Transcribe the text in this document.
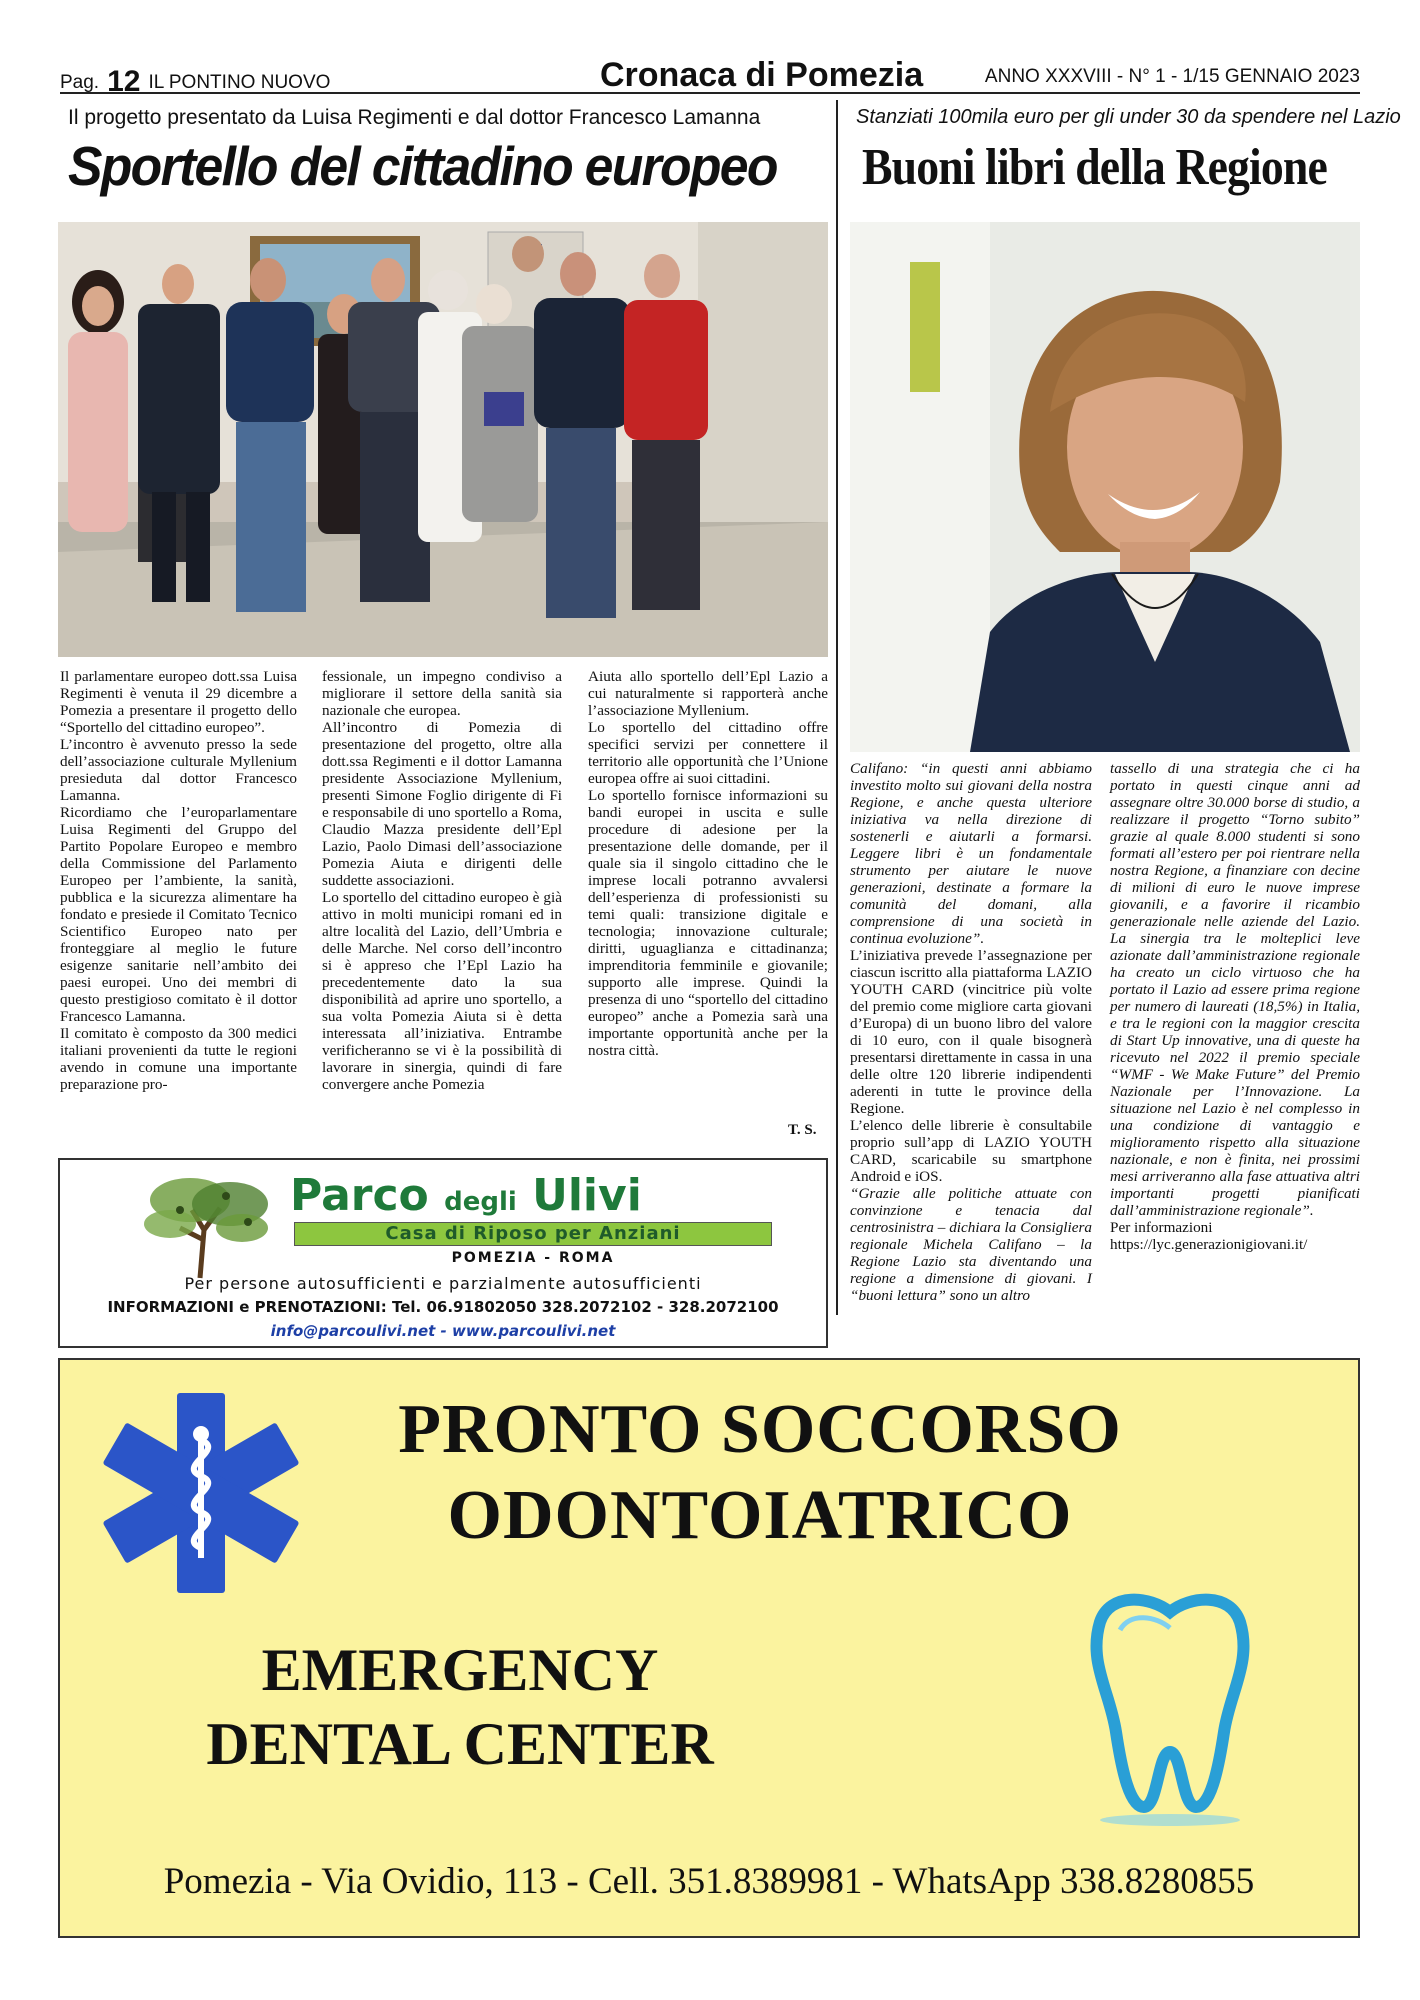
Pag. 12 IL PONTINO NUOVO	Cronaca di Pomezia	ANNO XXXVIII - N° 1 - 1/15 GENNAIO 2023
Il progetto presentato da Luisa Regimenti e dal dottor Francesco Lamanna
Sportello del cittadino europeo

Il parlamentare europeo dott.ssa Luisa Regimenti è venuta il 29 dicembre a Pomezia a presentare il progetto dello “Sportello del cittadino europeo”.

L’incontro è avvenuto presso la sede dell’associazione culturale Myllenium presieduta dal dottor Francesco Lamanna.

Ricordiamo che l’europarlamentare Luisa Regimenti del Gruppo del Partito Popolare Europeo e membro della Commissione del Parlamento Europeo per l’ambiente, la sanità, pubblica e la sicurezza alimentare ha fondato e presiede il Comitato Tecnico Scientifico Europeo nato per fronteggiare al meglio le future esigenze sanitarie nell’ambito dei paesi europei. Uno dei membri di questo prestigioso comitato è il dottor Francesco Lamanna.

Il comitato è composto da 300 medici italiani provenienti da tutte le regioni avendo in comune una importante preparazione pro-

fessionale, un impegno condiviso a migliorare il settore della sanità sia nazionale che europea.

All’incontro di Pomezia di presentazione del progetto, oltre alla dott.ssa Regimenti e il dottor Lamanna presidente Associazione Myllenium, presenti Simone Foglio dirigente di Fi e responsabile di uno sportello a Roma, Claudio Mazza presidente dell’Epl Lazio, Paolo Dimasi dell’associazione Pomezia Aiuta e dirigenti delle suddette associazioni.

Lo sportello del cittadino europeo è già attivo in molti municipi romani ed in altre località del Lazio, dell’Umbria e delle Marche. Nel corso dell’incontro si è appreso che l’Epl Lazio ha precedentemente dato la sua disponibilità ad aprire uno sportello, a sua volta Pomezia Aiuta si è detta interessata all’iniziativa. Entrambe verificheranno se vi è la possibilità di lavorare in sinergia, quindi di fare convergere anche Pomezia

Aiuta allo sportello dell’Epl Lazio a cui naturalmente si rapporterà anche l’associazione Myllenium.

Lo sportello del cittadino offre specifici servizi per connettere il territorio alle opportunità che l’Unione europea offre ai suoi cittadini.

Lo sportello fornisce informazioni su bandi europei in uscita e sulle procedure di adesione per la presentazione delle domande, per il quale sia il singolo cittadino che le imprese locali potranno avvalersi dell’esperienza di professionisti su temi quali: transizione digitale e tecnologia; innovazione culturale; diritti, uguaglianza e cittadinanza; imprenditoria femminile e giovanile; supporto alle imprese. Quindi la presenza di uno “sportello del cittadino europeo” anche a Pomezia sarà una importante opportunità anche per la nostra città.

T. S.
Stanziati 100mila euro per gli under 30 da spendere nel Lazio
Buoni libri della Regione

Califano: “in questi anni abbiamo investito molto sui giovani della nostra Regione, e anche questa ulteriore iniziativa va nella direzione di sostenerli e aiutarli a formarsi. Leggere libri è un fondamentale strumento per aiutare le nuove generazioni, destinate a formare la comunità del domani, alla comprensione di una società in continua evoluzione”.

L’iniziativa prevede l’assegnazione per ciascun iscritto alla piattaforma LAZIO YOUTH CARD (vincitrice più volte del premio come migliore carta giovani d’Europa) di un buono libro del valore di 10 euro, con il quale bisognerà presentarsi direttamente in cassa in una delle oltre 120 librerie indipendenti aderenti in tutte le province della Regione.

L’elenco delle librerie è consultabile proprio sull’app di LAZIO YOUTH CARD, scaricabile su smartphone Android e iOS.

“Grazie alle politiche attuate con convinzione e tenacia dal centrosinistra – dichiara la Consigliera regionale Michela Califano – la Regione Lazio sta diventando una regione a dimensione di giovani. I “buoni lettura” sono un altro

tassello di una strategia che ci ha portato in questi cinque anni ad assegnare oltre 30.000 borse di studio, a realizzare il progetto “Torno subito” grazie al quale 8.000 studenti si sono formati all’estero per poi rientrare nella nostra Regione, a finanziare con decine di milioni di euro le nuove imprese giovanili, e a favorire il ricambio generazionale nelle aziende del Lazio. La sinergia tra le molteplici leve azionate dall’amministrazione regionale ha creato un ciclo virtuoso che ha portato il Lazio ad essere prima regione per numero di laureati (18,5%) in Italia, e tra le regioni con la maggior crescita di Start Up innovative, una di queste ha ricevuto nel 2022 il premio speciale “WMF - We Make Future” del Premio Nazionale per l’Innovazione. La situazione nel Lazio è nel complesso in una condizione di vantaggio e miglioramento rispetto alla situazione nazionale, e non è finita, nei prossimi mesi arriveranno alla fase attuativa altri importanti progetti pianificati dall’amministrazione regionale”.

Per informazioni

https://lyc.generazionigiovani.it/

Parco degli Ulivi
Casa di Riposo per Anziani
POMEZIA - ROMA
Per persone autosufficienti e parzialmente autosufficienti
INFORMAZIONI e PRENOTAZIONI: Tel. 06.91802050 328.2072102 - 328.2072100
info@parcoulivi.net - www.parcoulivi.net
PRONTO SOCCORSO
ODONTOIATRICO
EMERGENCY
DENTAL CENTER
Pomezia - Via Ovidio, 113 - Cell. 351.8389981 - WhatsApp 338.8280855
